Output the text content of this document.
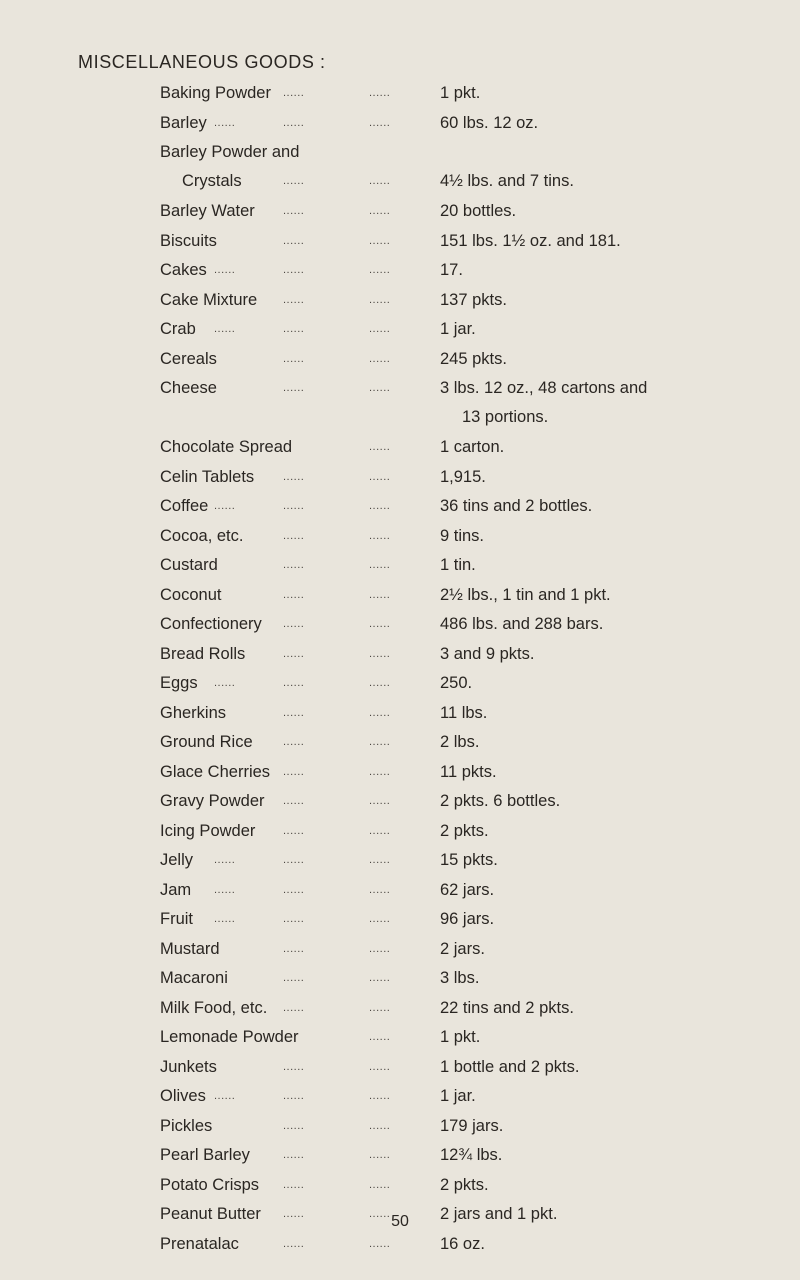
MISCELLANEOUS GOODS :
Baking Powder	......	......	1 pkt.
Barley ......	......	......	60 lbs. 12 oz.
Barley Powder and
Crystals	......	......	4½ lbs. and 7 tins.
Barley Water	......	......	20 bottles.
Biscuits	......	......	151 lbs. 1½ oz. and 181.
Cakes ......	......	......	17.
Cake Mixture	......	......	137 pkts.
Crab	......	......	......	1 jar.
Cereals	......	......	245 pkts.
Cheese	......	......	3 lbs. 12 oz., 48 cartons and
13 portions.
Chocolate Spread	......	1 carton.
Celin Tablets	......	......	1,915.
Coffee ......	......	......	36 tins and 2 bottles.
Cocoa, etc.	......	......	9 tins.
Custard	......	......	1 tin.
Coconut	......	......	2½ lbs., 1 tin and 1 pkt.
Confectionery	......	......	486 lbs. and 288 bars.
Bread Rolls	......	......	3 and 9 pkts.
Eggs	......	......	......	250.
Gherkins	......	......	11 lbs.
Ground Rice	......	......	2 lbs.
Glace Cherries	......	......	11 pkts.
Gravy Powder	......	......	2 pkts. 6 bottles.
Icing Powder	......	......	2 pkts.
Jelly	......	......	......	15 pkts.
Jam	......	......	......	62 jars.
Fruit	......	......	......	96 jars.
Mustard	......	......	2 jars.
Macaroni	......	......	3 lbs.
Milk Food, etc.	......	......	22 tins and 2 pkts.
Lemonade Powder	......	1 pkt.
Junkets	......	......	1 bottle and 2 pkts.
Olives ......	......	......	1 jar.
Pickles	......	......	179 jars.
Pearl Barley	......	......	12¾ lbs.
Potato Crisps	......	......	2 pkts.
Peanut Butter	......	......	2 jars and 1 pkt.
Prenatalac	......	......	16 oz.
50
